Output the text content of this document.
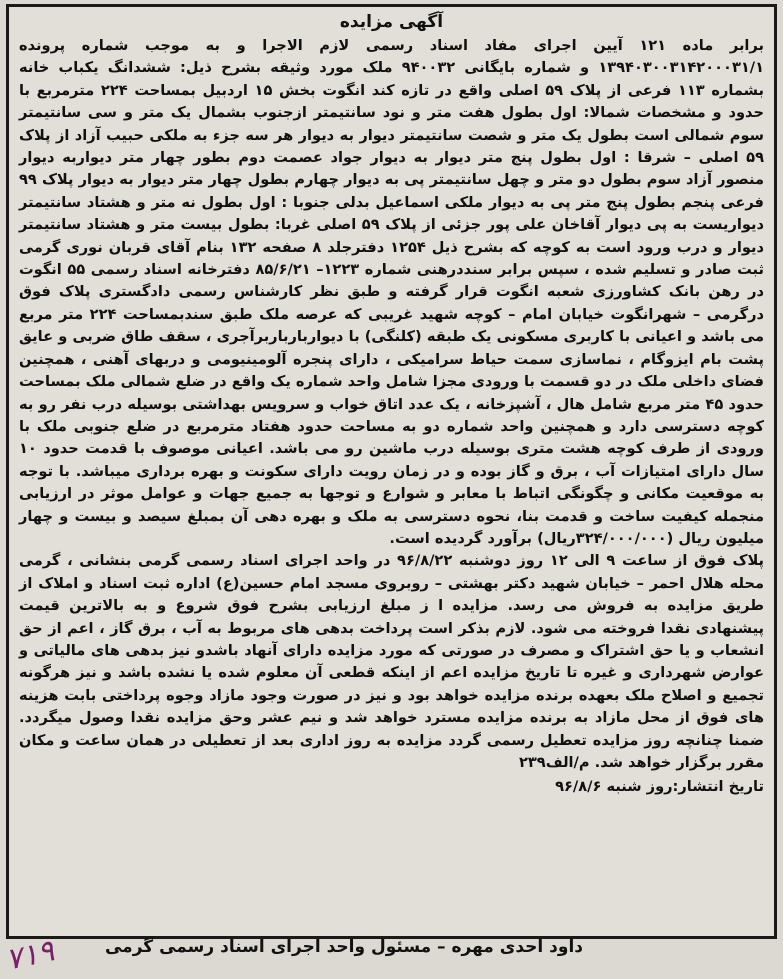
آگهی مزایده

برابر ماده ۱۲۱ آیین اجرای مفاد اسناد رسمی لازم الاجرا و به موجب شماره پرونده ۱۳۹۴۰۳۰۰۳۱۴۲۰۰۰۳۱/۱ و شماره بایگانی ۹۴۰۰۳۲ ملک مورد وثیقه بشرح ذیل: ششدانگ یکباب خانه بشماره ۱۱۳ فرعی از پلاک ۵۹ اصلی واقع در تازه کند انگوت بخش ۱۵ اردبیل بمساحت ۲۲۴ مترمربع با حدود و مشخصات شمالا: اول بطول هفت متر و نود سانتیمتر ازجنوب بشمال یک متر و سی سانتیمتر سوم شمالی است بطول یک متر و شصت سانتیمتر دیوار به دیوار هر سه جزء به ملکی حبیب آزاد از پلاک ۵۹ اصلی – شرقا : اول بطول پنج متر دیوار به دیوار جواد عصمت دوم بطور چهار متر دیواربه دیوار منصور آزاد سوم بطول دو متر و چهل سانتیمتر پی به دیوار چهارم بطول چهار متر دیوار به دیوار پلاک ۹۹ فرعی پنجم بطول پنج متر پی به دیوار ملکی اسماعیل بدلی جنوبا : اول بطول نه متر و هشتاد سانتیمتر دیواریست به پی دیوار آقاخان علی پور جزئی از پلاک ۵۹ اصلی غربا: بطول بیست متر و هشتاد سانتیمتر دیوار و درب ورود است به کوچه که بشرح ذیل ۱۲۵۴ دفترجلد ۸ صفحه ۱۳۲ بنام آقای قربان نوری گرمی ثبت صادر و تسلیم شده ، سپس برابر سنددرهنی شماره ۱۲۲۳– ۸۵/۶/۲۱ دفترخانه اسناد رسمی ۵۵ انگوت در رهن بانک کشاورزی شعبه انگوت قرار گرفته و طبق نظر کارشناس رسمی دادگستری پلاک فوق درگرمی – شهرانگوت خیابان امام – کوچه شهید غریبی که عرصه ملک طبق سندبمساحت ۲۲۴ متر مربع می باشد و اعیانی با کاربری مسکونی یک طبقه (کلنگی) با دیواربارباربرآجری ، سقف طاق ضربی و عایق پشت بام ایزوگام ، نماسازی سمت حیاط سرامیکی ، دارای پنجره آلومینیومی و دربهای آهنی ، همچنین فضای داخلی ملک در دو قسمت با ورودی مجزا شامل واحد شماره یک واقع در ضلع شمالی ملک بمساحت حدود ۴۵ متر مربع شامل هال ، آشپزخانه ، یک عدد اتاق خواب و سرویس بهداشتی بوسیله درب نفر رو به کوچه دسترسی دارد و همچنین واحد شماره دو به مساحت حدود هفتاد مترمربع در ضلع جنوبی ملک با ورودی از طرف کوچه هشت متری بوسیله درب ماشین رو می باشد. اعیانی موصوف با قدمت حدود ۱۰ سال دارای امتیازات آب ، برق و گاز بوده و در زمان رویت دارای سکونت و بهره برداری میباشد. با توجه به موقعیت مکانی و چگونگی اتباط با معابر و شوارع و توجها به جمیع جهات و عوامل موثر در ارزیابی منجمله کیفیت ساخت و قدمت بنا، نحوه دسترسی به ملک و بهره دهی آن بمبلغ سیصد و بیست و چهار میلیون ریال (۳۲۴/۰۰۰/۰۰۰ریال) برآورد گردیده است.

پلاک فوق از ساعت ۹ الی ۱۲ روز دوشنبه ۹۶/۸/۲۲ در واحد اجرای اسناد رسمی گرمی بنشانی ، گرمی محله هلال احمر – خیابان شهید دکتر بهشتی – روبروی مسجد امام حسین(ع) اداره ثبت اسناد و املاک از طریق مزایده به فروش می رسد. مزایده ا ز مبلغ ارزیابی بشرح فوق شروع و به بالاترین قیمت پیشنهادی نقدا فروخته می شود. لازم بذکر است پرداخت بدهی های مربوط به آب ، برق گاز ، اعم از حق انشعاب و یا حق اشتراک و مصرف در صورتی که مورد مزایده دارای آنهاد باشدو نیز بدهی های مالیاتی و عوارض شهرداری و غیره تا تاریخ مزایده اعم از اینکه قطعی آن معلوم شده یا نشده باشد و نیز هرگونه تجمیع و اصلاح ملک بعهده برنده مزایده خواهد بود و نیز در صورت وجود مازاد وجوه پرداختی بابت هزینه های فوق از محل مازاد به برنده مزایده مسترد خواهد شد و نیم عشر وحق مزایده نقدا وصول میگردد. ضمنا چنانچه روز مزایده تعطیل رسمی گردد مزایده به روز اداری بعد از تعطیلی در همان ساعت و مکان مقرر برگزار خواهد شد. م/الف۲۳۹

تاریخ انتشار:روز شنبه ۹۶/۸/۶
داود احدی مهره – مسئول واحد اجرای اسناد رسمی گرمی
۷۱۹
